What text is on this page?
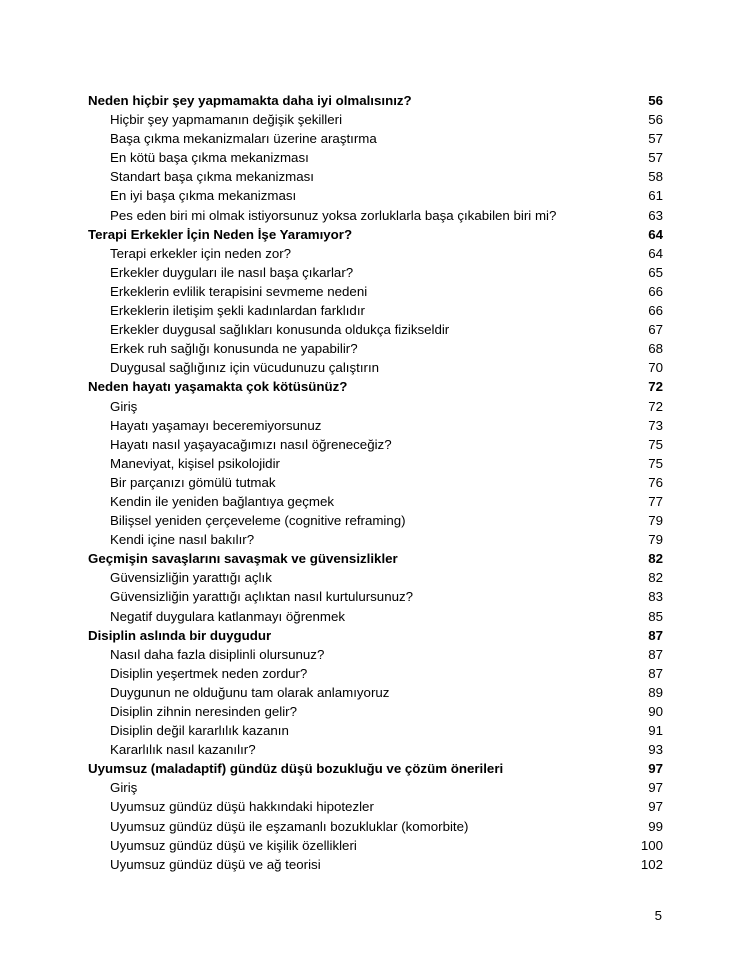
Neden hiçbir şey yapmamakta daha iyi olmalısınız?	56
Hiçbir şey yapmamanın değişik şekilleri	56
Başa çıkma mekanizmaları üzerine araştırma	57
En kötü başa çıkma mekanizması	57
Standart başa çıkma mekanizması	58
En iyi başa çıkma mekanizması	61
Pes eden biri mi olmak istiyorsunuz yoksa zorluklarla başa çıkabilen biri mi?	63
Terapi Erkekler İçin Neden İşe Yaramıyor?	64
Terapi erkekler için neden zor?	64
Erkekler duyguları ile nasıl başa çıkarlar?	65
Erkeklerin evlilik terapisini sevmeme nedeni	66
Erkeklerin iletişim şekli kadınlardan farklıdır	66
Erkekler duygusal sağlıkları konusunda oldukça fizikseldir	67
Erkek ruh sağlığı konusunda ne yapabilir?	68
Duygusal sağlığınız için vücudunuzu çalıştırın	70
Neden hayatı yaşamakta çok kötüsünüz?	72
Giriş	72
Hayatı yaşamayı beceremiyorsunuz	73
Hayatı nasıl yaşayacağımızı nasıl öğreneceğiz?	75
Maneviyat, kişisel psikolojidir	75
Bir parçanızı gömülü tutmak	76
Kendin ile yeniden bağlantıya geçmek	77
Bilişsel yeniden çerçeveleme (cognitive reframing)	79
Kendi içine nasıl bakılır?	79
Geçmişin savaşlarını savaşmak ve güvensizlikler	82
Güvensizliğin yarattığı açlık	82
Güvensizliğin yarattığı açlıktan nasıl kurtulursunuz?	83
Negatif duygulara katlanmayı öğrenmek	85
Disiplin aslında bir duygudur	87
Nasıl daha fazla disiplinli olursunuz?	87
Disiplin yeşertmek neden zordur?	87
Duygunun ne olduğunu tam olarak anlamıyoruz	89
Disiplin zihnin neresinden gelir?	90
Disiplin değil kararlılık kazanın	91
Kararlılık nasıl kazanılır?	93
Uyumsuz (maladaptif) gündüz düşü bozukluğu ve çözüm önerileri	97
Giriş	97
Uyumsuz gündüz düşü hakkındaki hipotezler	97
Uyumsuz gündüz düşü ile eşzamanlı bozukluklar (komorbite)	99
Uyumsuz gündüz düşü ve kişilik özellikleri	100
Uyumsuz gündüz düşü ve ağ teorisi	102
5
